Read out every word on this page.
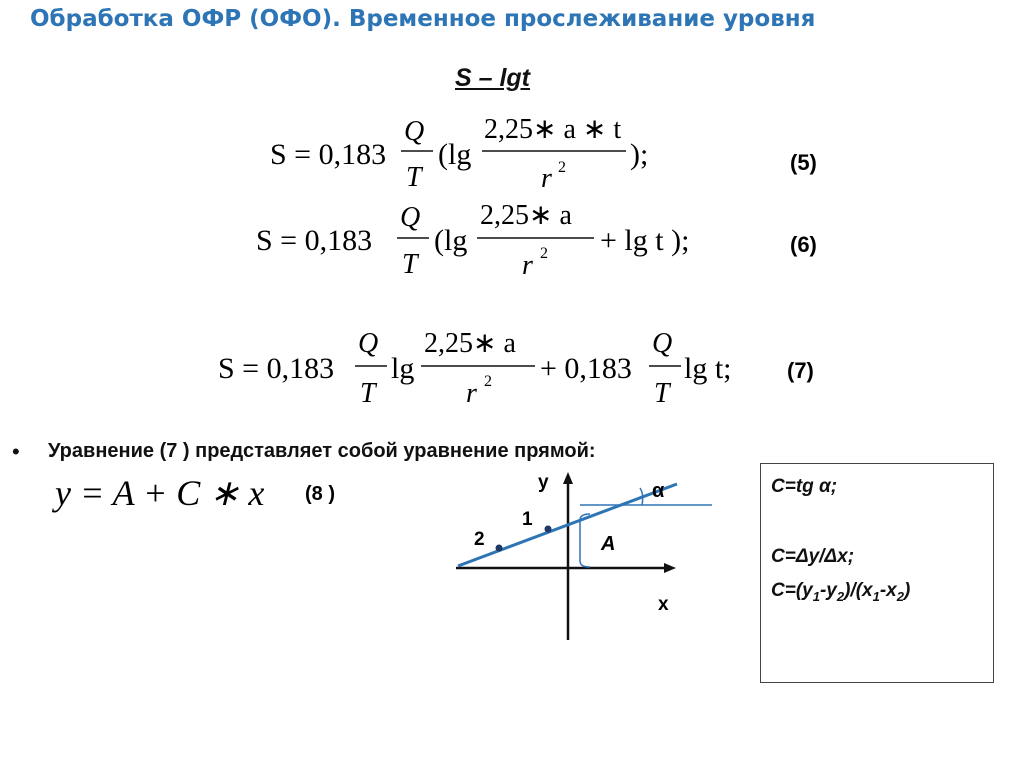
Обработка ОФР (ОФО). Временное прослеживание уровня
S – lgt
S = 0,183
Q
T
(lg
2,25∗ a ∗ t
r 2 );
S = 0,183
Q
T
(lg
2,25∗ a
r 2 + lg t );
S = 0,183
Q
T
lg
2,25∗ a
r 2 + 0,183
Q
T
lg t;
y = A + C ∗ x
(5)
(6)
(7)
(8 )
y
x
α
A
1
2
• Уравнение (7 ) представляет собой уравнение прямой:
C=tg α;
C=Δy/Δx;
$C=(y_1-y_2)/(x_1-x_2)$
